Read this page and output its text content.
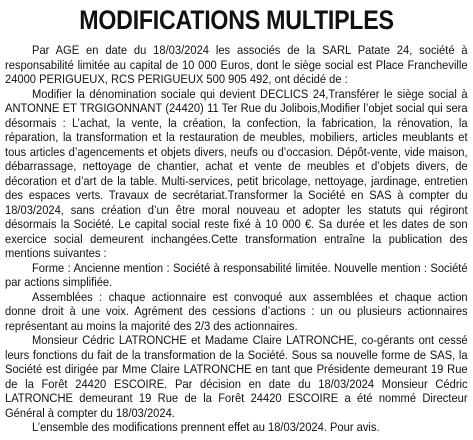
MODIFICATIONS MULTIPLES

Par AGE en date du 18/03/2024 les associés de la SARL Patate 24, société à responsabilité limitée au capital de 10 000 Euros, dont le siège social est Place Francheville 24000 PERIGUEUX, RCS PERIGUEUX 500 905 492, ont décidé de :

Modifier la dénomination sociale qui devient DECLICS 24,Transférer le siège social à ANTONNE ET TRGIGONNANT (24420) 11 Ter Rue du Jolibois,Modifier l’objet social qui sera désormais : L’achat, la vente, la création, la confection, la fabrication, la rénovation, la réparation, la transformation et la restauration de meubles, mobiliers, articles meublants et tous articles d’agencements et objets divers, neufs ou d’occasion. Dépôt-vente, vide maison, débarrassage, nettoyage de chantier, achat et vente de meubles et d’objets divers, de décoration et d’art de la table. Multi-services, petit bricolage, nettoyage, jardinage, entretien des espaces verts. Travaux de secrétariat.Transformer la Société en SAS à compter du 18/03/2024, sans création d’un être moral nouveau et adopter les statuts qui régiront désormais la Société. Le capital social reste fixé à 10 000 €. Sa durée et les dates de son exercice social demeurent inchangées.Cette transformation entraîne la publication des mentions suivantes :

Forme : Ancienne mention : Société à responsabilité limitée. Nouvelle mention : Société par actions simplifiée.

Assemblées : chaque actionnaire est convoqué aux assemblées et chaque action donne droit à une voix. Agrément des cessions d’actions : un ou plusieurs actionnaires représentant au moins la majorité des 2/3 des actionnaires.

Monsieur Cédric LATRONCHE et Madame Claire LATRONCHE, co-gérants ont cessé leurs fonctions du fait de la transformation de la Société. Sous sa nouvelle forme de SAS, la Société est dirigée par Mme Claire LATRONCHE en tant que Présidente demeurant 19 Rue de la Forêt 24420 ESCOIRE. Par décision en date du 18/03/2024 Monsieur Cédric LATRONCHE demeurant 19 Rue de la Forêt 24420 ESCOIRE a été nommé Directeur Général à compter du 18/03/2024.

L’ensemble des modifications prennent effet au 18/03/2024. Pour avis.
